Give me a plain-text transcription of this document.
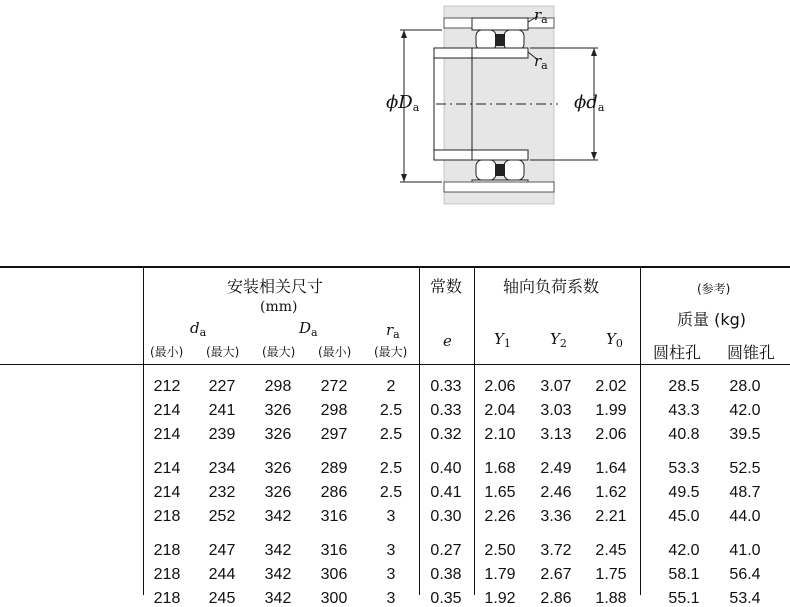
$r_a$
$r_a$
$\phi D_a$	$\phi d_a$
安装相关尺寸
(mm)
$d_a$	$D_a$	$r_a$
(最小) (最大) (最大) (最小) (最大)
常数
e
轴向负荷系数
$Y_1$	$Y_2$	$Y_0$
(参考)
质量 (kg)
圆柱孔 圆锥孔
212	227	298	272	2	0.33	2.06	3.07	2.02	28.5	28.0
214	241	326	298	2.5	0.33	2.04	3.03	1.99	43.3	42.0
214	239	326	297	2.5	0.32	2.10	3.13	2.06	40.8	39.5
214	234	326	289	2.5	0.40	1.68	2.49	1.64	53.3	52.5
214	232	326	286	2.5	0.41	1.65	2.46	1.62	49.5	48.7
218	252	342	316	3	0.30	2.26	3.36	2.21	45.0	44.0
218	247	342	316	3	0.27	2.50	3.72	2.45	42.0	41.0
218	244	342	306	3	0.38	1.79	2.67	1.75	58.1	56.4
218	245	342	300	3	0.35	1.92	2.86	1.88	55.1	53.4
